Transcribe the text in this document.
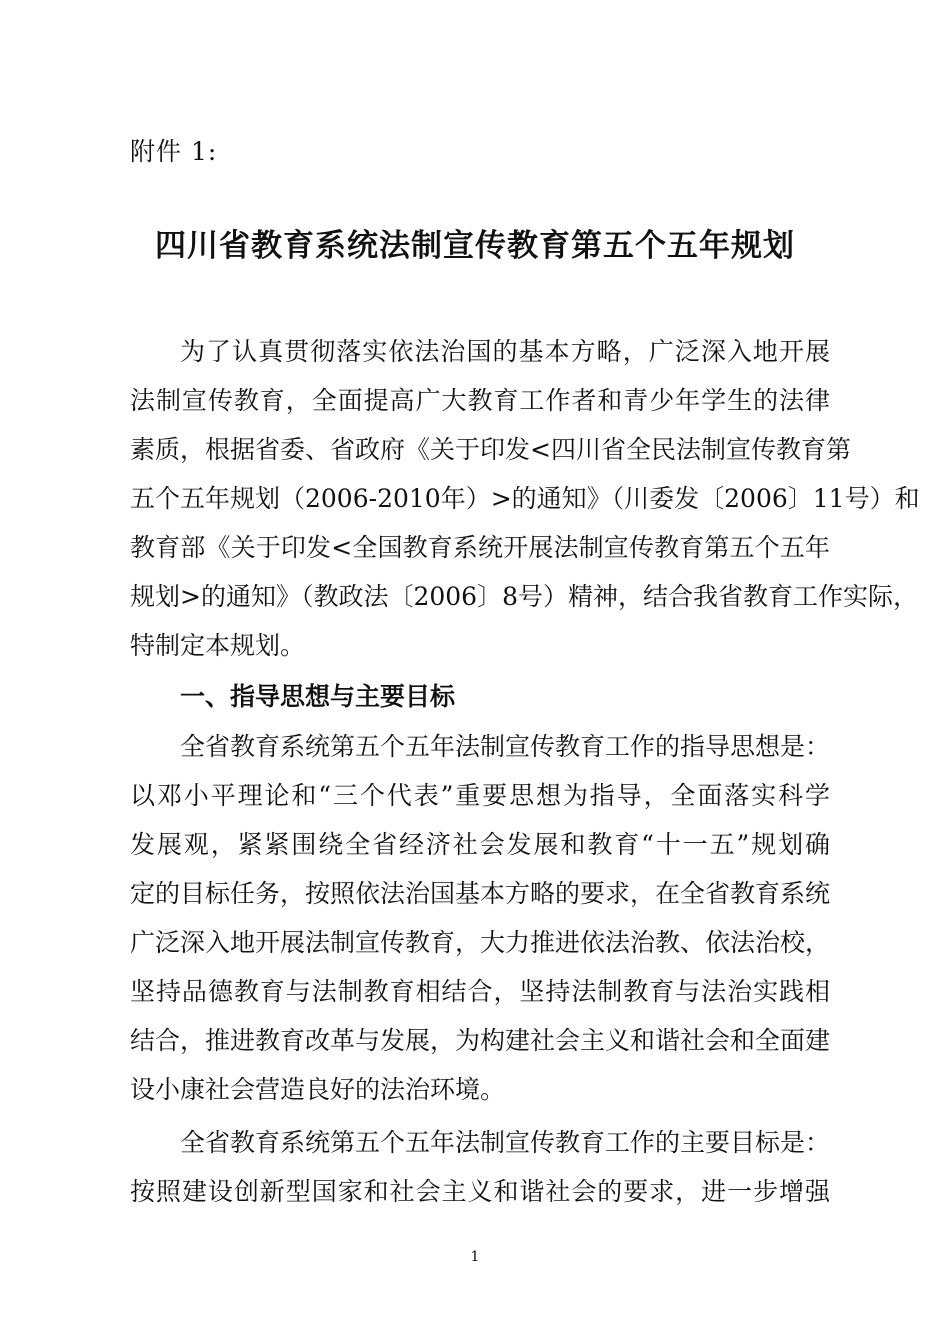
附件 1:
四川省教育系统法制宣传教育第五个五年规划
为了认真贯彻落实依法治国的基本方略，广泛深入地开展
法制宣传教育，全面提高广大教育工作者和青少年学生的法律
素质，根据省委、省政府《关于印发<四川省全民法制宣传教育第
五个五年规划（2006-2010年）>的通知》（川委发〔2006〕11号）和
教育部《关于印发<全国教育系统开展法制宣传教育第五个五年
规划>的通知》（教政法〔2006〕8号）精神，结合我省教育工作实际，
特制定本规划。
一、指导思想与主要目标
全省教育系统第五个五年法制宣传教育工作的指导思想是：
以邓小平理论和“三个代表”重要思想为指导，全面落实科学
发展观，紧紧围绕全省经济社会发展和教育“十一五”规划确
定的目标任务，按照依法治国基本方略的要求，在全省教育系统
广泛深入地开展法制宣传教育，大力推进依法治教、依法治校，
坚持品德教育与法制教育相结合，坚持法制教育与法治实践相
结合，推进教育改革与发展，为构建社会主义和谐社会和全面建
设小康社会营造良好的法治环境。
全省教育系统第五个五年法制宣传教育工作的主要目标是：
按照建设创新型国家和社会主义和谐社会的要求，进一步增强
1
